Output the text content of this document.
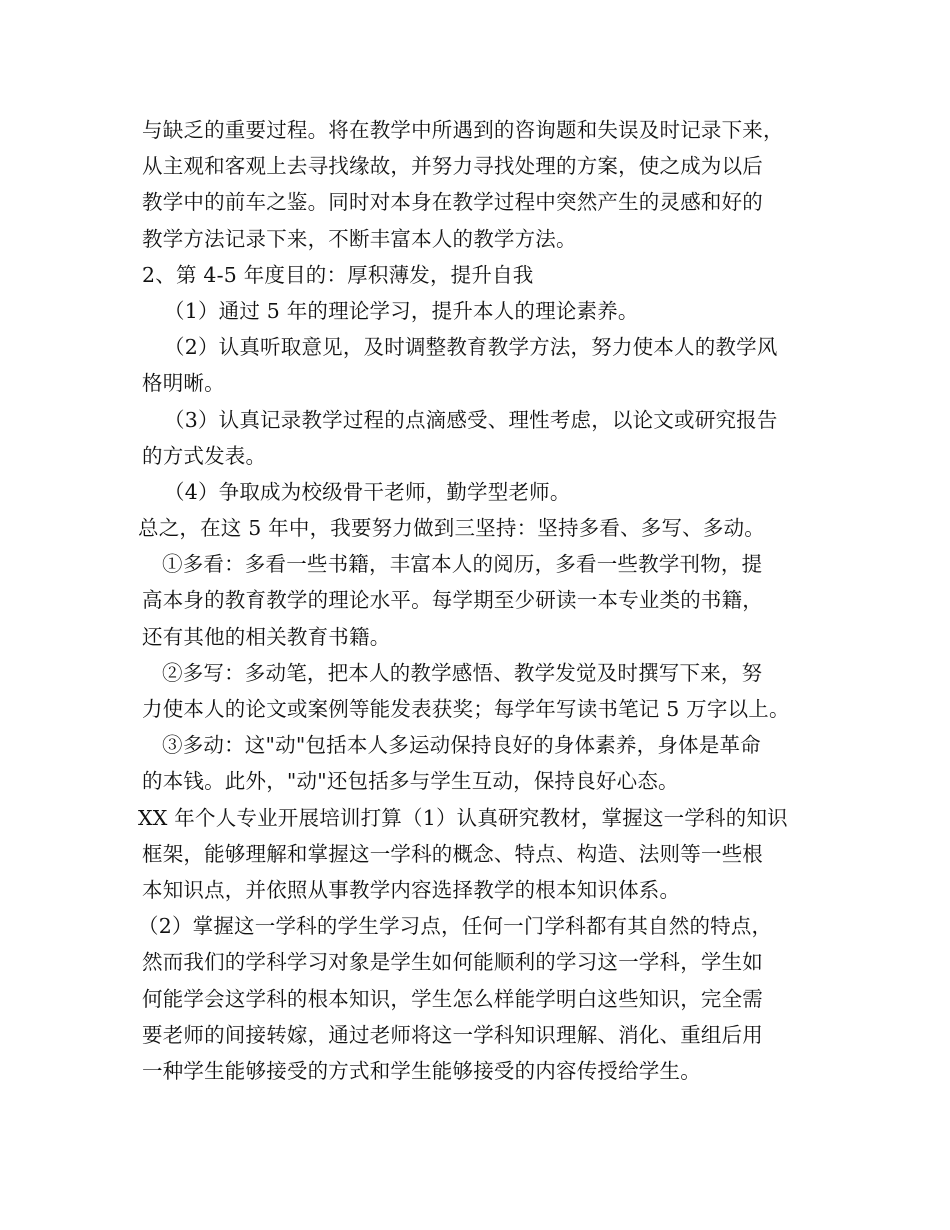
与缺乏的重要过程。将在教学中所遇到的咨询题和失误及时记录下来，
从主观和客观上去寻找缘故，并努力寻找处理的方案，使之成为以后
教学中的前车之鉴。同时对本身在教学过程中突然产生的灵感和好的
教学方法记录下来，不断丰富本人的教学方法。
2、第 4-5 年度目的：厚积薄发，提升自我
（1）通过 5 年的理论学习，提升本人的理论素养。
（2）认真听取意见，及时调整教育教学方法，努力使本人的教学风
格明晰。
（3）认真记录教学过程的点滴感受、理性考虑，以论文或研究报告
的方式发表。
（4）争取成为校级骨干老师，勤学型老师。
总之，在这 5 年中，我要努力做到三坚持：坚持多看、多写、多动。
①多看：多看一些书籍，丰富本人的阅历，多看一些教学刊物，提
高本身的教育教学的理论水平。每学期至少研读一本专业类的书籍，
还有其他的相关教育书籍。
②多写：多动笔，把本人的教学感悟、教学发觉及时撰写下来，努
力使本人的论文或案例等能发表获奖；每学年写读书笔记 5 万字以上。
③多动：这"动"包括本人多运动保持良好的身体素养，身体是革命
的本钱。此外，"动"还包括多与学生互动，保持良好心态。
XX 年个人专业开展培训打算（1）认真研究教材，掌握这一学科的知识
框架，能够理解和掌握这一学科的概念、特点、构造、法则等一些根
本知识点，并依照从事教学内容选择教学的根本知识体系。
（2）掌握这一学科的学生学习点，任何一门学科都有其自然的特点，
然而我们的学科学习对象是学生如何能顺利的学习这一学科，学生如
何能学会这学科的根本知识，学生怎么样能学明白这些知识，完全需
要老师的间接转嫁，通过老师将这一学科知识理解、消化、重组后用
一种学生能够接受的方式和学生能够接受的内容传授给学生。
